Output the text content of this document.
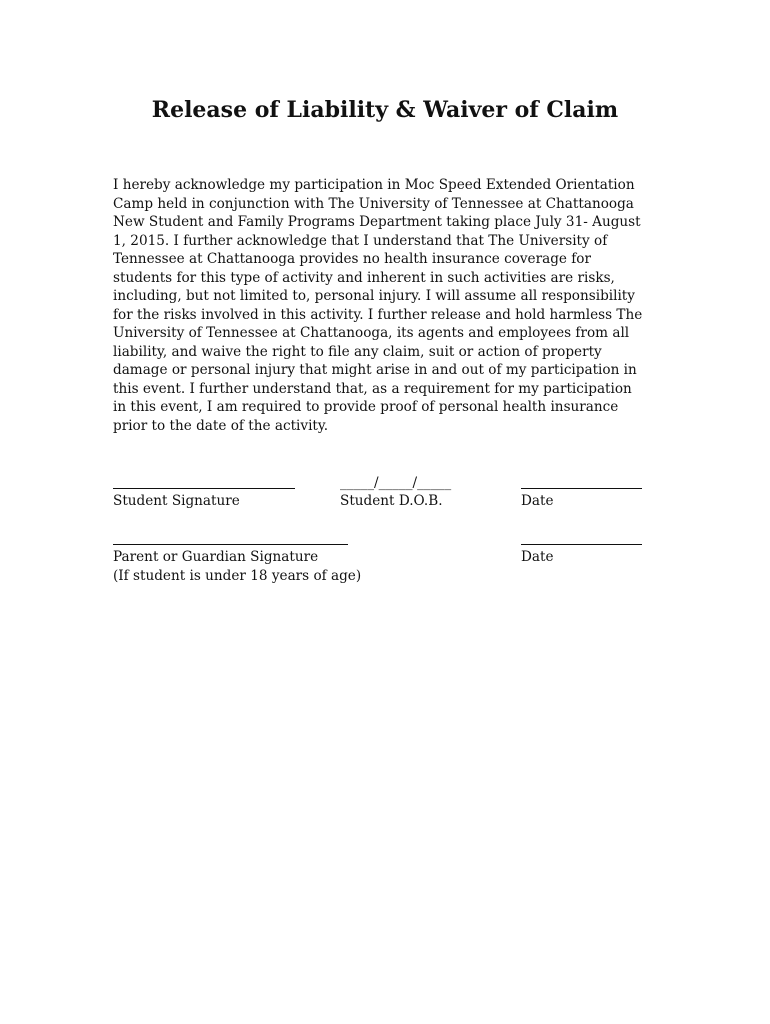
Release of Liability & Waiver of Claim
I hereby acknowledge my participation in Moc Speed Extended Orientation
Camp held in conjunction with The University of Tennessee at Chattanooga
New Student and Family Programs Department taking place July 31- August
1, 2015. I further acknowledge that I understand that The University of
Tennessee at Chattanooga provides no health insurance coverage for
students for this type of activity and inherent in such activities are risks,
including, but not limited to, personal injury. I will assume all responsibility
for the risks involved in this activity. I further release and hold harmless The
University of Tennessee at Chattanooga, its agents and employees from all
liability, and waive the right to file any claim, suit or action of property
damage or personal injury that might arise in and out of my participation in
this event. I further understand that, as a requirement for my participation
in this event, I am required to provide proof of personal health insurance
prior to the date of the activity.
_____/_____/_____
Student Signature	Student D.O.B.	Date
Parent or Guardian Signature	Date
(If student is under 18 years of age)
